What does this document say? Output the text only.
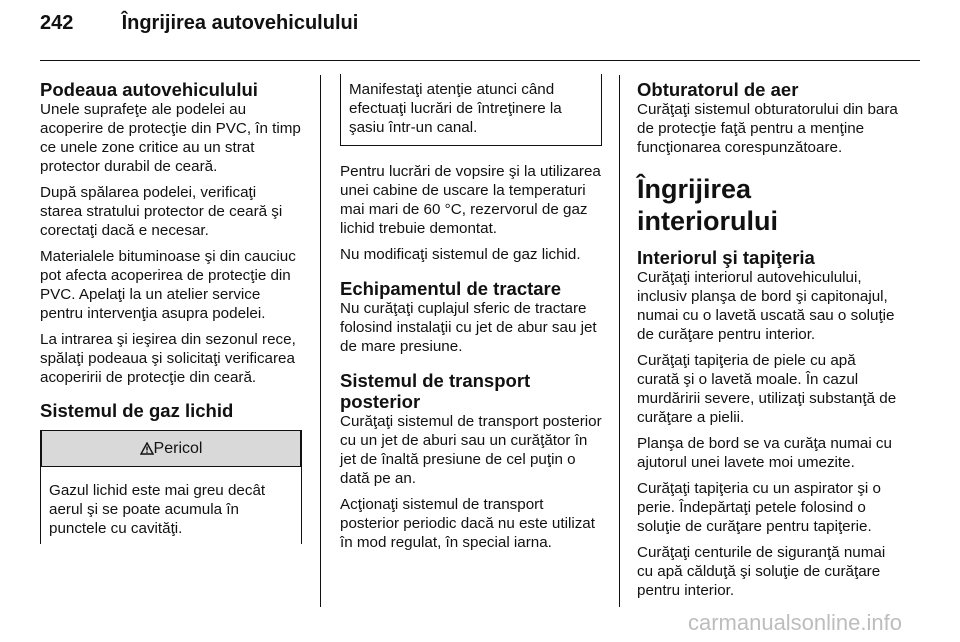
242 Îngrijirea autovehiculului
Podeaua autovehiculului

Unele suprafeţe ale podelei au acoperire de protecţie din PVC, în timp ce unele zone critice au un strat protector durabil de ceară.

După spălarea podelei, verificaţi starea stratului protector de ceară şi corectaţi dacă e necesar.

Materialele bituminoase şi din cauciuc pot afecta acoperirea de protecţie din PVC. Apelaţi la un atelier service pentru intervenţia asupra podelei.

La intrarea şi ieşirea din sezonul rece, spălaţi podeaua şi solicitaţi verificarea acoperirii de protecţie din ceară.

Sistemul de gaz lichid
Pericol
Gazul lichid este mai greu decât aerul şi se poate acumula în punctele cu cavităţi.
Manifestaţi atenţie atunci când efectuaţi lucrări de întreţinere la şasiu într-un canal.

Pentru lucrări de vopsire şi la utilizarea unei cabine de uscare la temperaturi mai mari de 60 °C, rezervorul de gaz lichid trebuie demontat.

Nu modificaţi sistemul de gaz lichid.

Echipamentul de tractare

Nu curăţaţi cuplajul sferic de tractare folosind instalaţii cu jet de abur sau jet de mare presiune.

Sistemul de transport posterior

Curăţaţi sistemul de transport posterior cu un jet de aburi sau un curăţător în jet de înaltă presiune de cel puţin o dată pe an.

Acţionaţi sistemul de transport posterior periodic dacă nu este utilizat în mod regulat, în special iarna.

Obturatorul de aer

Curăţaţi sistemul obturatorului din bara de protecţie faţă pentru a menţine funcţionarea corespunzătoare.

Îngrijirea interiorului
Interiorul şi tapiţeria

Curăţaţi interiorul autovehiculului, inclusiv planşa de bord şi capitonajul, numai cu o lavetă uscată sau o soluţie de curăţare pentru interior.

Curăţaţi tapiţeria de piele cu apă curată şi o lavetă moale. În cazul murdăririi severe, utilizaţi substanţă de curăţare a pielii.

Planşa de bord se va curăţa numai cu ajutorul unei lavete moi umezite.

Curăţaţi tapiţeria cu un aspirator şi o perie. Îndepărtaţi petele folosind o soluţie de curăţare pentru tapiţerie.

Curăţaţi centurile de siguranţă numai cu apă călduţă şi soluţie de curăţare pentru interior.

carmanualsonline.info
